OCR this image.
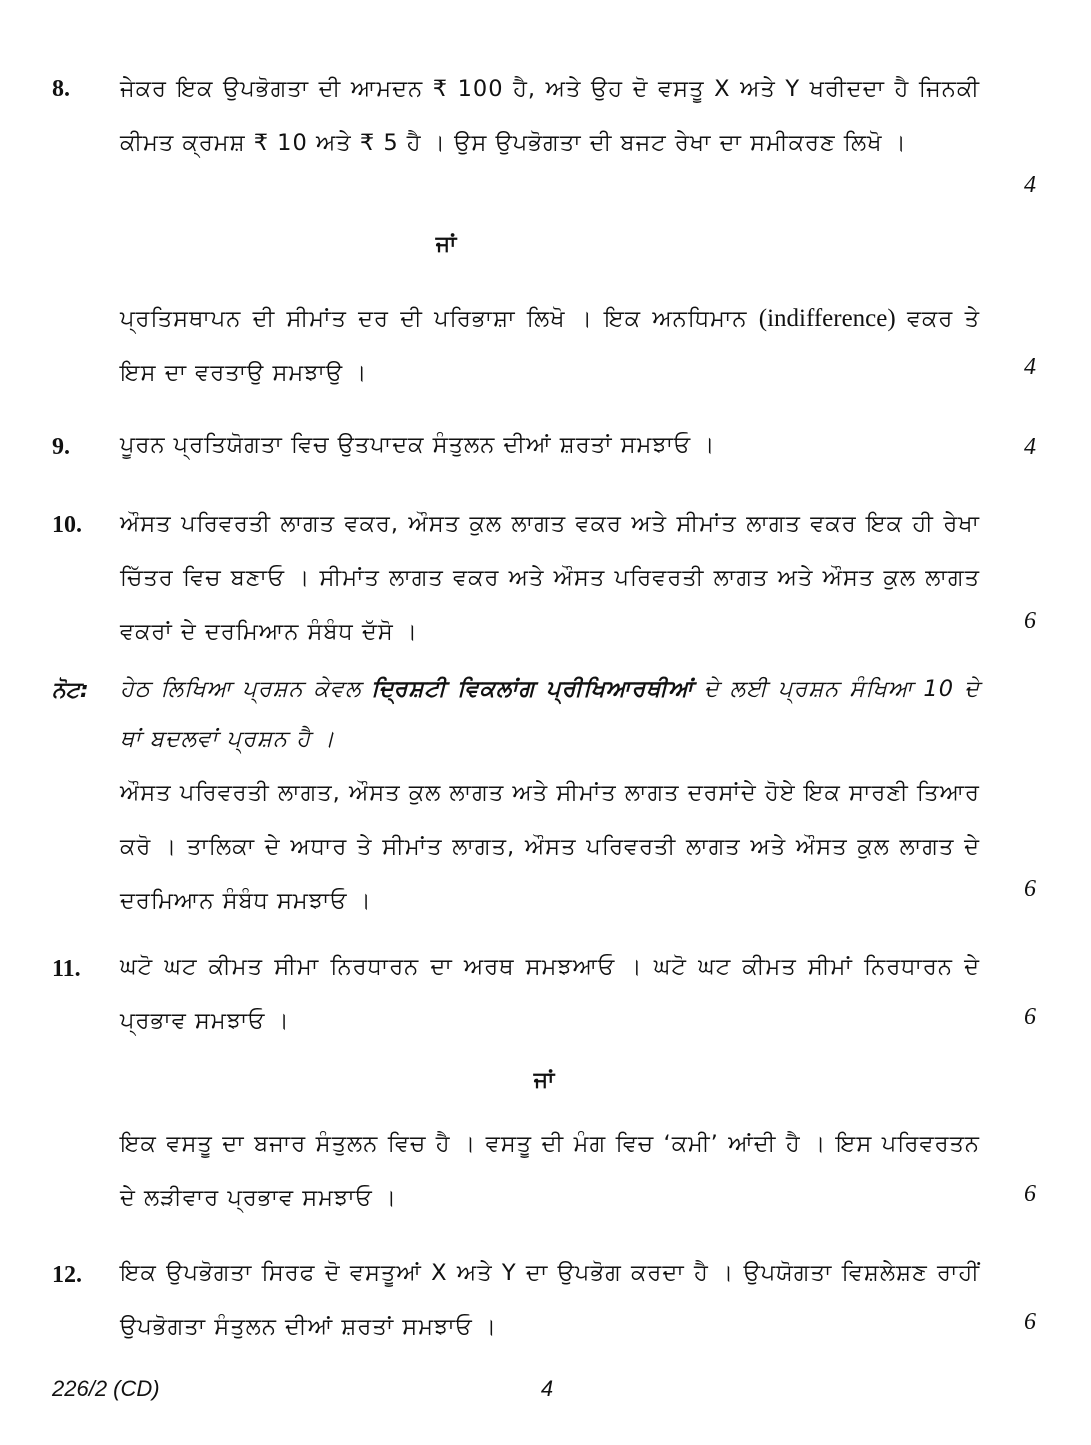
8. ਜੇਕਰ ਇਕ ਉਪਭੋਗਤਾ ਦੀ ਆਮਦਨ ₹ 100 ਹੈ, ਅਤੇ ਉਹ ਦੋ ਵਸਤੂ X ਅਤੇ Y ਖਰੀਦਦਾ ਹੈ ਜਿਨਕੀ ਕੀਮਤ ਕ੍ਰਮਸ਼ ₹ 10 ਅਤੇ ₹ 5 ਹੈ । ਉਸ ਉਪਭੋਗਤਾ ਦੀ ਬਜਟ ਰੇਖਾ ਦਾ ਸਮੀਕਰਣ ਲਿਖੋ ।
4
ਜਾਂ
ਪ੍ਰਤਿਸਥਾਪਨ ਦੀ ਸੀਮਾਂਤ ਦਰ ਦੀ ਪਰਿਭਾਸ਼ਾ ਲਿਖੋ । ਇਕ ਅਨਧਿਮਾਨ (indifference) ਵਕਰ ਤੇ ਇਸ ਦਾ ਵਰਤਾਉ ਸਮਝਾਉ ।	4
9. ਪੂਰਨ ਪ੍ਰਤਿਯੋਗਤਾ ਵਿਚ ਉਤਪਾਦਕ ਸੰਤੁਲਨ ਦੀਆਂ ਸ਼ਰਤਾਂ ਸਮਝਾਓ ।	4
10. ਔਸਤ ਪਰਿਵਰਤੀ ਲਾਗਤ ਵਕਰ, ਔਸਤ ਕੁਲ ਲਾਗਤ ਵਕਰ ਅਤੇ ਸੀਮਾਂਤ ਲਾਗਤ ਵਕਰ ਇਕ ਹੀ ਰੇਖਾ ਚਿੱਤਰ ਵਿਚ ਬਣਾਓ । ਸੀਮਾਂਤ ਲਾਗਤ ਵਕਰ ਅਤੇ ਔਸਤ ਪਰਿਵਰਤੀ ਲਾਗਤ ਅਤੇ ਔਸਤ ਕੁਲ ਲਾਗਤ ਵਕਰਾਂ ਦੇ ਦਰਮਿਆਨ ਸੰਬੰਧ ਦੱਸੋ ।	6
ਨੋਟ: ਹੇਠ ਲਿਖਿਆ ਪ੍ਰਸ਼ਨ ਕੇਵਲ ਦ੍ਰਿਸ਼ਟੀ ਵਿਕਲਾਂਗ ਪ੍ਰੀਖਿਆਰਥੀਆਂ ਦੇ ਲਈ ਪ੍ਰਸ਼ਨ ਸੰਖਿਆ 10 ਦੇ ਥਾਂ ਬਦਲਵਾਂ ਪ੍ਰਸ਼ਨ ਹੈ ।
ਔਸਤ ਪਰਿਵਰਤੀ ਲਾਗਤ, ਔਸਤ ਕੁਲ ਲਾਗਤ ਅਤੇ ਸੀਮਾਂਤ ਲਾਗਤ ਦਰਸਾਂਦੇ ਹੋਏ ਇਕ ਸਾਰਣੀ ਤਿਆਰ ਕਰੋ । ਤਾਲਿਕਾ ਦੇ ਅਧਾਰ ਤੇ ਸੀਮਾਂਤ ਲਾਗਤ, ਔਸਤ ਪਰਿਵਰਤੀ ਲਾਗਤ ਅਤੇ ਔਸਤ ਕੁਲ ਲਾਗਤ ਦੇ ਦਰਮਿਆਨ ਸੰਬੰਧ ਸਮਝਾਓ ।	6
11. ਘਟੋ ਘਟ ਕੀਮਤ ਸੀਮਾ ਨਿਰਧਾਰਨ ਦਾ ਅਰਥ ਸਮਝਆਓ । ਘਟੋ ਘਟ ਕੀਮਤ ਸੀਮਾਂ ਨਿਰਧਾਰਨ ਦੇ ਪ੍ਰਭਾਵ ਸਮਝਾਓ ।	6
ਜਾਂ
ਇਕ ਵਸਤੂ ਦਾ ਬਜਾਰ ਸੰਤੁਲਨ ਵਿਚ ਹੈ । ਵਸਤੂ ਦੀ ਮੰਗ ਵਿਚ ‘ਕਮੀ’ ਆਂਦੀ ਹੈ । ਇਸ ਪਰਿਵਰਤਨ ਦੇ ਲੜੀਵਾਰ ਪ੍ਰਭਾਵ ਸਮਝਾਓ ।	6
12. ਇਕ ਉਪਭੋਗਤਾ ਸਿਰਫ ਦੋ ਵਸਤੂਆਂ X ਅਤੇ Y ਦਾ ਉਪਭੋਗ ਕਰਦਾ ਹੈ । ਉਪਯੋਗਤਾ ਵਿਸ਼ਲੇਸ਼ਣ ਰਾਹੀਂ ਉਪਭੋਗਤਾ ਸੰਤੁਲਨ ਦੀਆਂ ਸ਼ਰਤਾਂ ਸਮਝਾਓ ।	6
226/2 (CD)	4
